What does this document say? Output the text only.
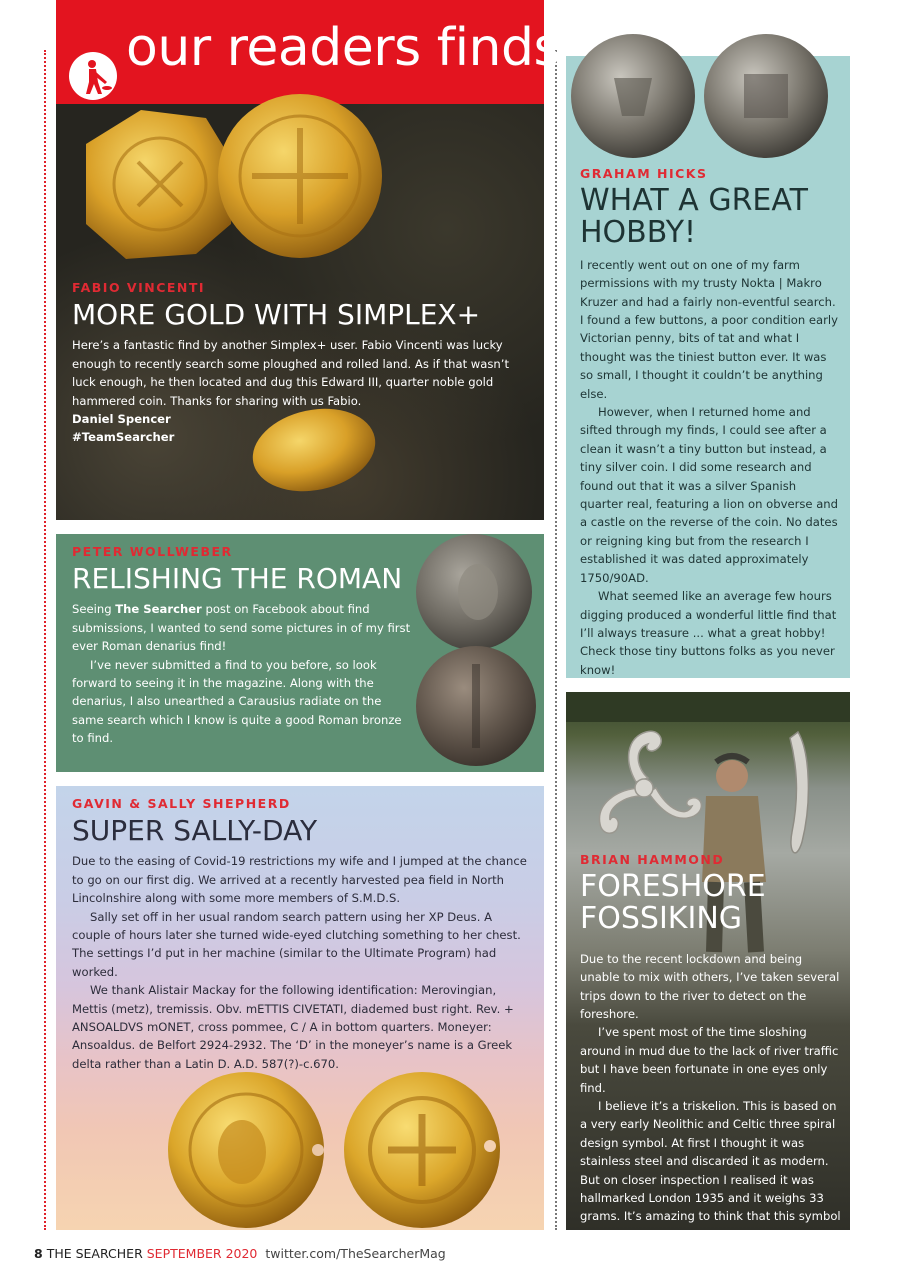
our readers finds

FABIO VINCENTI

MORE GOLD WITH SIMPLEX+

Here’s a fantastic find by another Simplex+ user. Fabio Vincenti was lucky enough to recently search some ploughed and rolled land. As if that wasn’t luck enough, he then located and dug this Edward III, quarter noble gold hammered coin. Thanks for sharing with us Fabio.

Daniel Spencer

#TeamSearcher

PETER WOLLWEBER

RELISHING THE ROMAN

Seeing The Searcher post on Facebook about find submissions, I wanted to send some pictures in of my first ever Roman denarius find!

I’ve never submitted a find to you before, so look forward to seeing it in the magazine. Along with the denarius, I also unearthed a Carausius radiate on the same search which I know is quite a good Roman bronze to find.

GAVIN & SALLY SHEPHERD

SUPER SALLY-DAY

Due to the easing of Covid-19 restrictions my wife and I jumped at the chance to go on our first dig. We arrived at a recently harvested pea field in North Lincolnshire along with some more members of S.M.D.S.

Sally set off in her usual random search pattern using her XP Deus. A couple of hours later she turned wide-eyed clutching something to her chest. The settings I’d put in her machine (similar to the Ultimate Program) had worked.

We thank Alistair Mackay for the following identification: Merovingian, Mettis (metz), tremissis. Obv. mETTIS CIVETATI, diademed bust right. Rev. + ANSOALDVS mONET, cross pommee, C / A in bottom quarters. Moneyer: Ansoaldus. de Belfort 2924-2932. The ‘D’ in the moneyer’s name is a Greek delta rather than a Latin D. A.D. 587(?)-c.670.

GRAHAM HICKS

WHAT A GREAT
HOBBY!

I recently went out on one of my farm permissions with my trusty Nokta | Makro Kruzer and had a fairly non-eventful search. I found a few buttons, a poor condition early Victorian penny, bits of tat and what I thought was the tiniest button ever. It was so small, I thought it couldn’t be anything else.

However, when I returned home and sifted through my finds, I could see after a clean it wasn’t a tiny button but instead, a tiny silver coin. I did some research and found out that it was a silver Spanish quarter real, featuring a lion on obverse and a castle on the reverse of the coin. No dates or reigning king but from the research I established it was dated approximately 1750/90AD.

What seemed like an average few hours digging produced a wonderful little find that I’ll always treasure ... what a great hobby! Check those tiny buttons folks as you never know!

BRIAN HAMMOND

FORESHORE
FOSSIKING

Due to the recent lockdown and being unable to mix with others, I’ve taken several trips down to the river to detect on the foreshore.

I’ve spent most of the time sloshing around in mud due to the lack of river traffic but I have been fortunate in one eyes only find.

I believe it’s a triskelion. This is based on a very early Neolithic and Celtic three spiral design symbol. At first I thought it was stainless steel and discarded it as modern. But on closer inspection I realised it was hallmarked London 1935 and it weighs 33 grams. It’s amazing to think that this symbol is still very popular in jewellery today.

8 THE SEARCHER SEPTEMBER 2020 twitter.com/TheSearcherMag
